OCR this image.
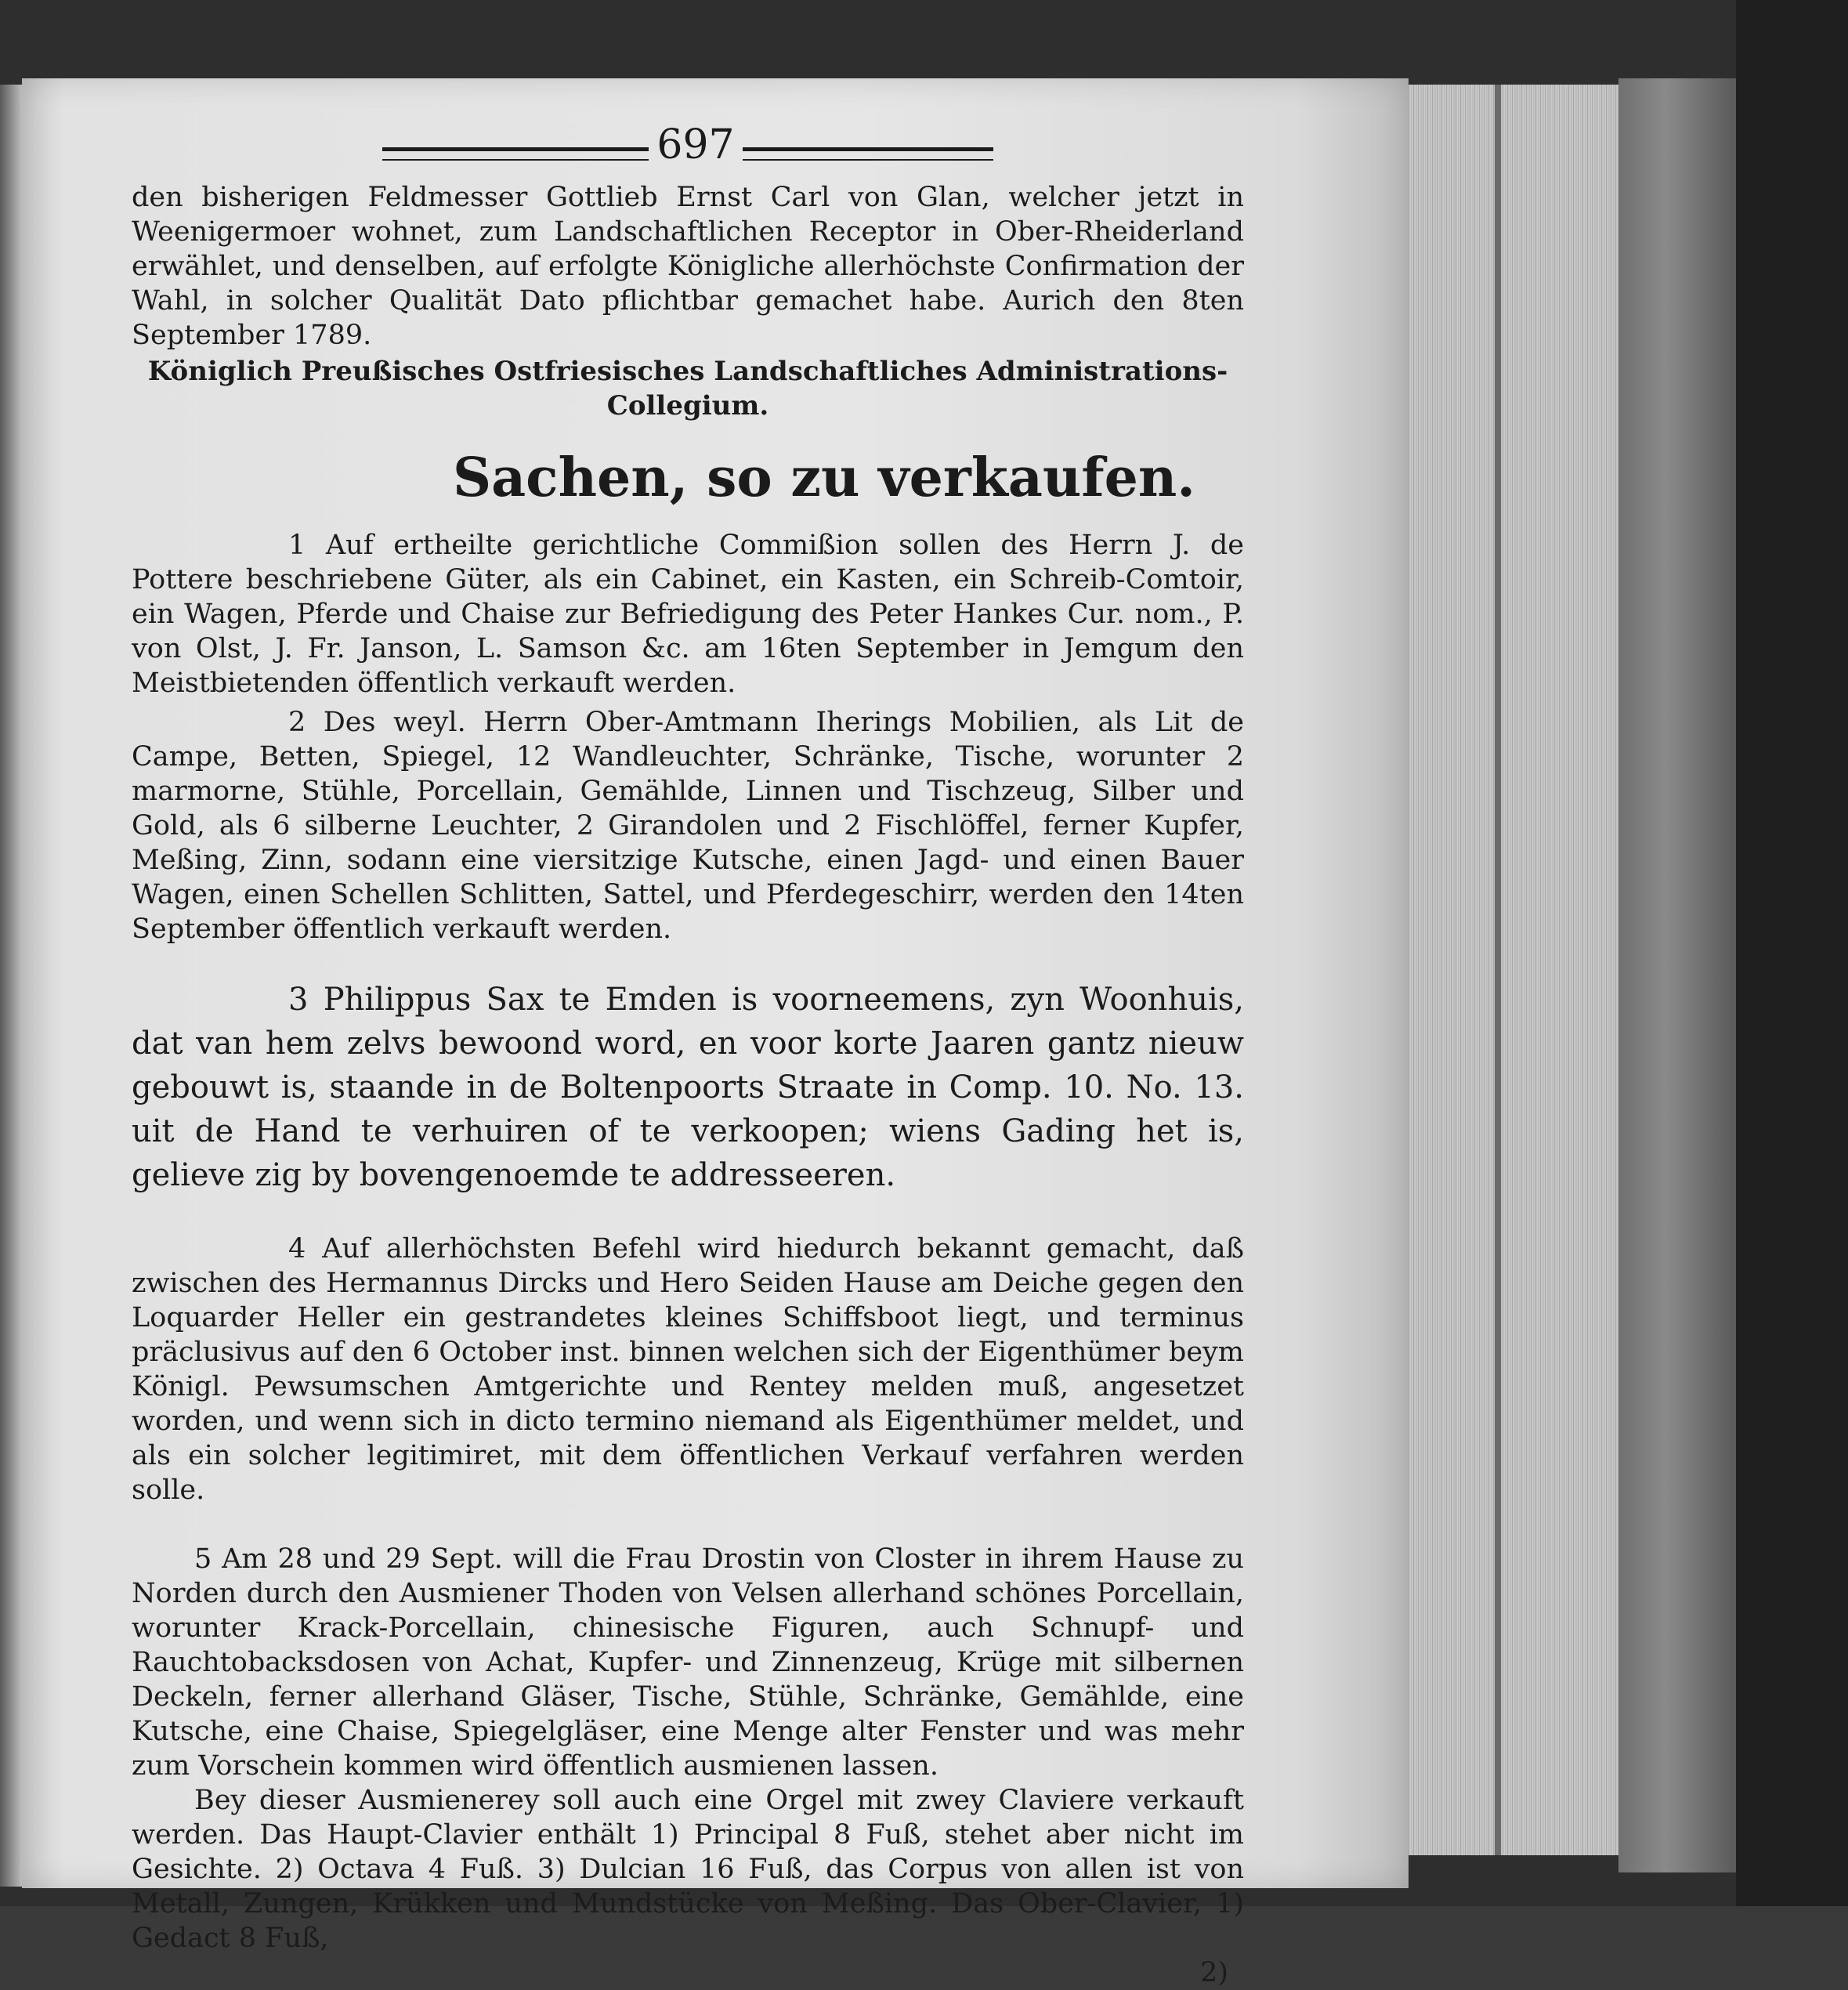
697

den bisherigen Feldmesser Gottlieb Ernst Carl von Glan, welcher jetzt in Weenigermoer wohnet, zum Landschaftlichen Receptor in Ober-Rheiderland erwählet, und denselben, auf erfolgte Königliche allerhöchste Confirmation der Wahl, in solcher Qualität Dato pflichtbar gemachet habe. Aurich den 8ten September 1789.

Königlich Preußisches Ostfriesisches Landschaftliches Administrations-Collegium.
Sachen, so zu verkaufen.

1 Auf ertheilte gerichtliche Commißion sollen des Herrn J. de Pottere beschriebene Güter, als ein Cabinet, ein Kasten, ein Schreib-Comtoir, ein Wagen, Pferde und Chaise zur Befriedigung des Peter Hankes Cur. nom., P. von Olst, J. Fr. Janson, L. Samson &c. am 16ten September in Jemgum den Meistbietenden öffentlich verkauft werden.

2 Des weyl. Herrn Ober-Amtmann Iherings Mobilien, als Lit de Campe, Betten, Spiegel, 12 Wandleuchter, Schränke, Tische, worunter 2 marmorne, Stühle, Porcellain, Gemählde, Linnen und Tischzeug, Silber und Gold, als 6 silberne Leuchter, 2 Girandolen und 2 Fischlöffel, ferner Kupfer, Meßing, Zinn, sodann eine viersitzige Kutsche, einen Jagd- und einen Bauer Wagen, einen Schellen Schlitten, Sattel, und Pferdegeschirr, werden den 14ten September öffentlich verkauft werden.

3 Philippus Sax te Emden is voorneemens, zyn Woonhuis, dat van hem zelvs bewoond word, en voor korte Jaaren gantz nieuw gebouwt is, staande in de Boltenpoorts Straate in Comp. 10. No. 13. uit de Hand te verhuiren of te verkoopen; wiens Gading het is, gelieve zig by bovengenoemde te addresseeren.

4 Auf allerhöchsten Befehl wird hiedurch bekannt gemacht, daß zwischen des Hermannus Dircks und Hero Seiden Hause am Deiche gegen den Loquarder Heller ein gestrandetes kleines Schiffsboot liegt, und terminus präclusivus auf den 6 October inst. binnen welchen sich der Eigenthümer beym Königl. Pewsumschen Amtgerichte und Rentey melden muß, angesetzet worden, und wenn sich in dicto termino niemand als Eigenthümer meldet, und als ein solcher legitimiret, mit dem öffentlichen Verkauf verfahren werden solle.

5 Am 28 und 29 Sept. will die Frau Drostin von Closter in ihrem Hause zu Norden durch den Ausmiener Thoden von Velsen allerhand schönes Porcellain, worunter Krack-Porcellain, chinesische Figuren, auch Schnupf- und Rauchtobacksdosen von Achat, Kupfer- und Zinnenzeug, Krüge mit silbernen Deckeln, ferner allerhand Gläser, Tische, Stühle, Schränke, Gemählde, eine Kutsche, eine Chaise, Spiegelgläser, eine Menge alter Fenster und was mehr zum Vorschein kommen wird öffentlich ausmienen lassen.

Bey dieser Ausmienerey soll auch eine Orgel mit zwey Claviere verkauft werden. Das Haupt-Clavier enthält 1) Principal 8 Fuß, stehet aber nicht im Gesichte. 2) Octava 4 Fuß. 3) Dulcian 16 Fuß, das Corpus von allen ist von Metall, Zungen, Krükken und Mundstücke von Meßing. Das Ober-Clavier, 1) Gedact 8 Fuß,

2)
